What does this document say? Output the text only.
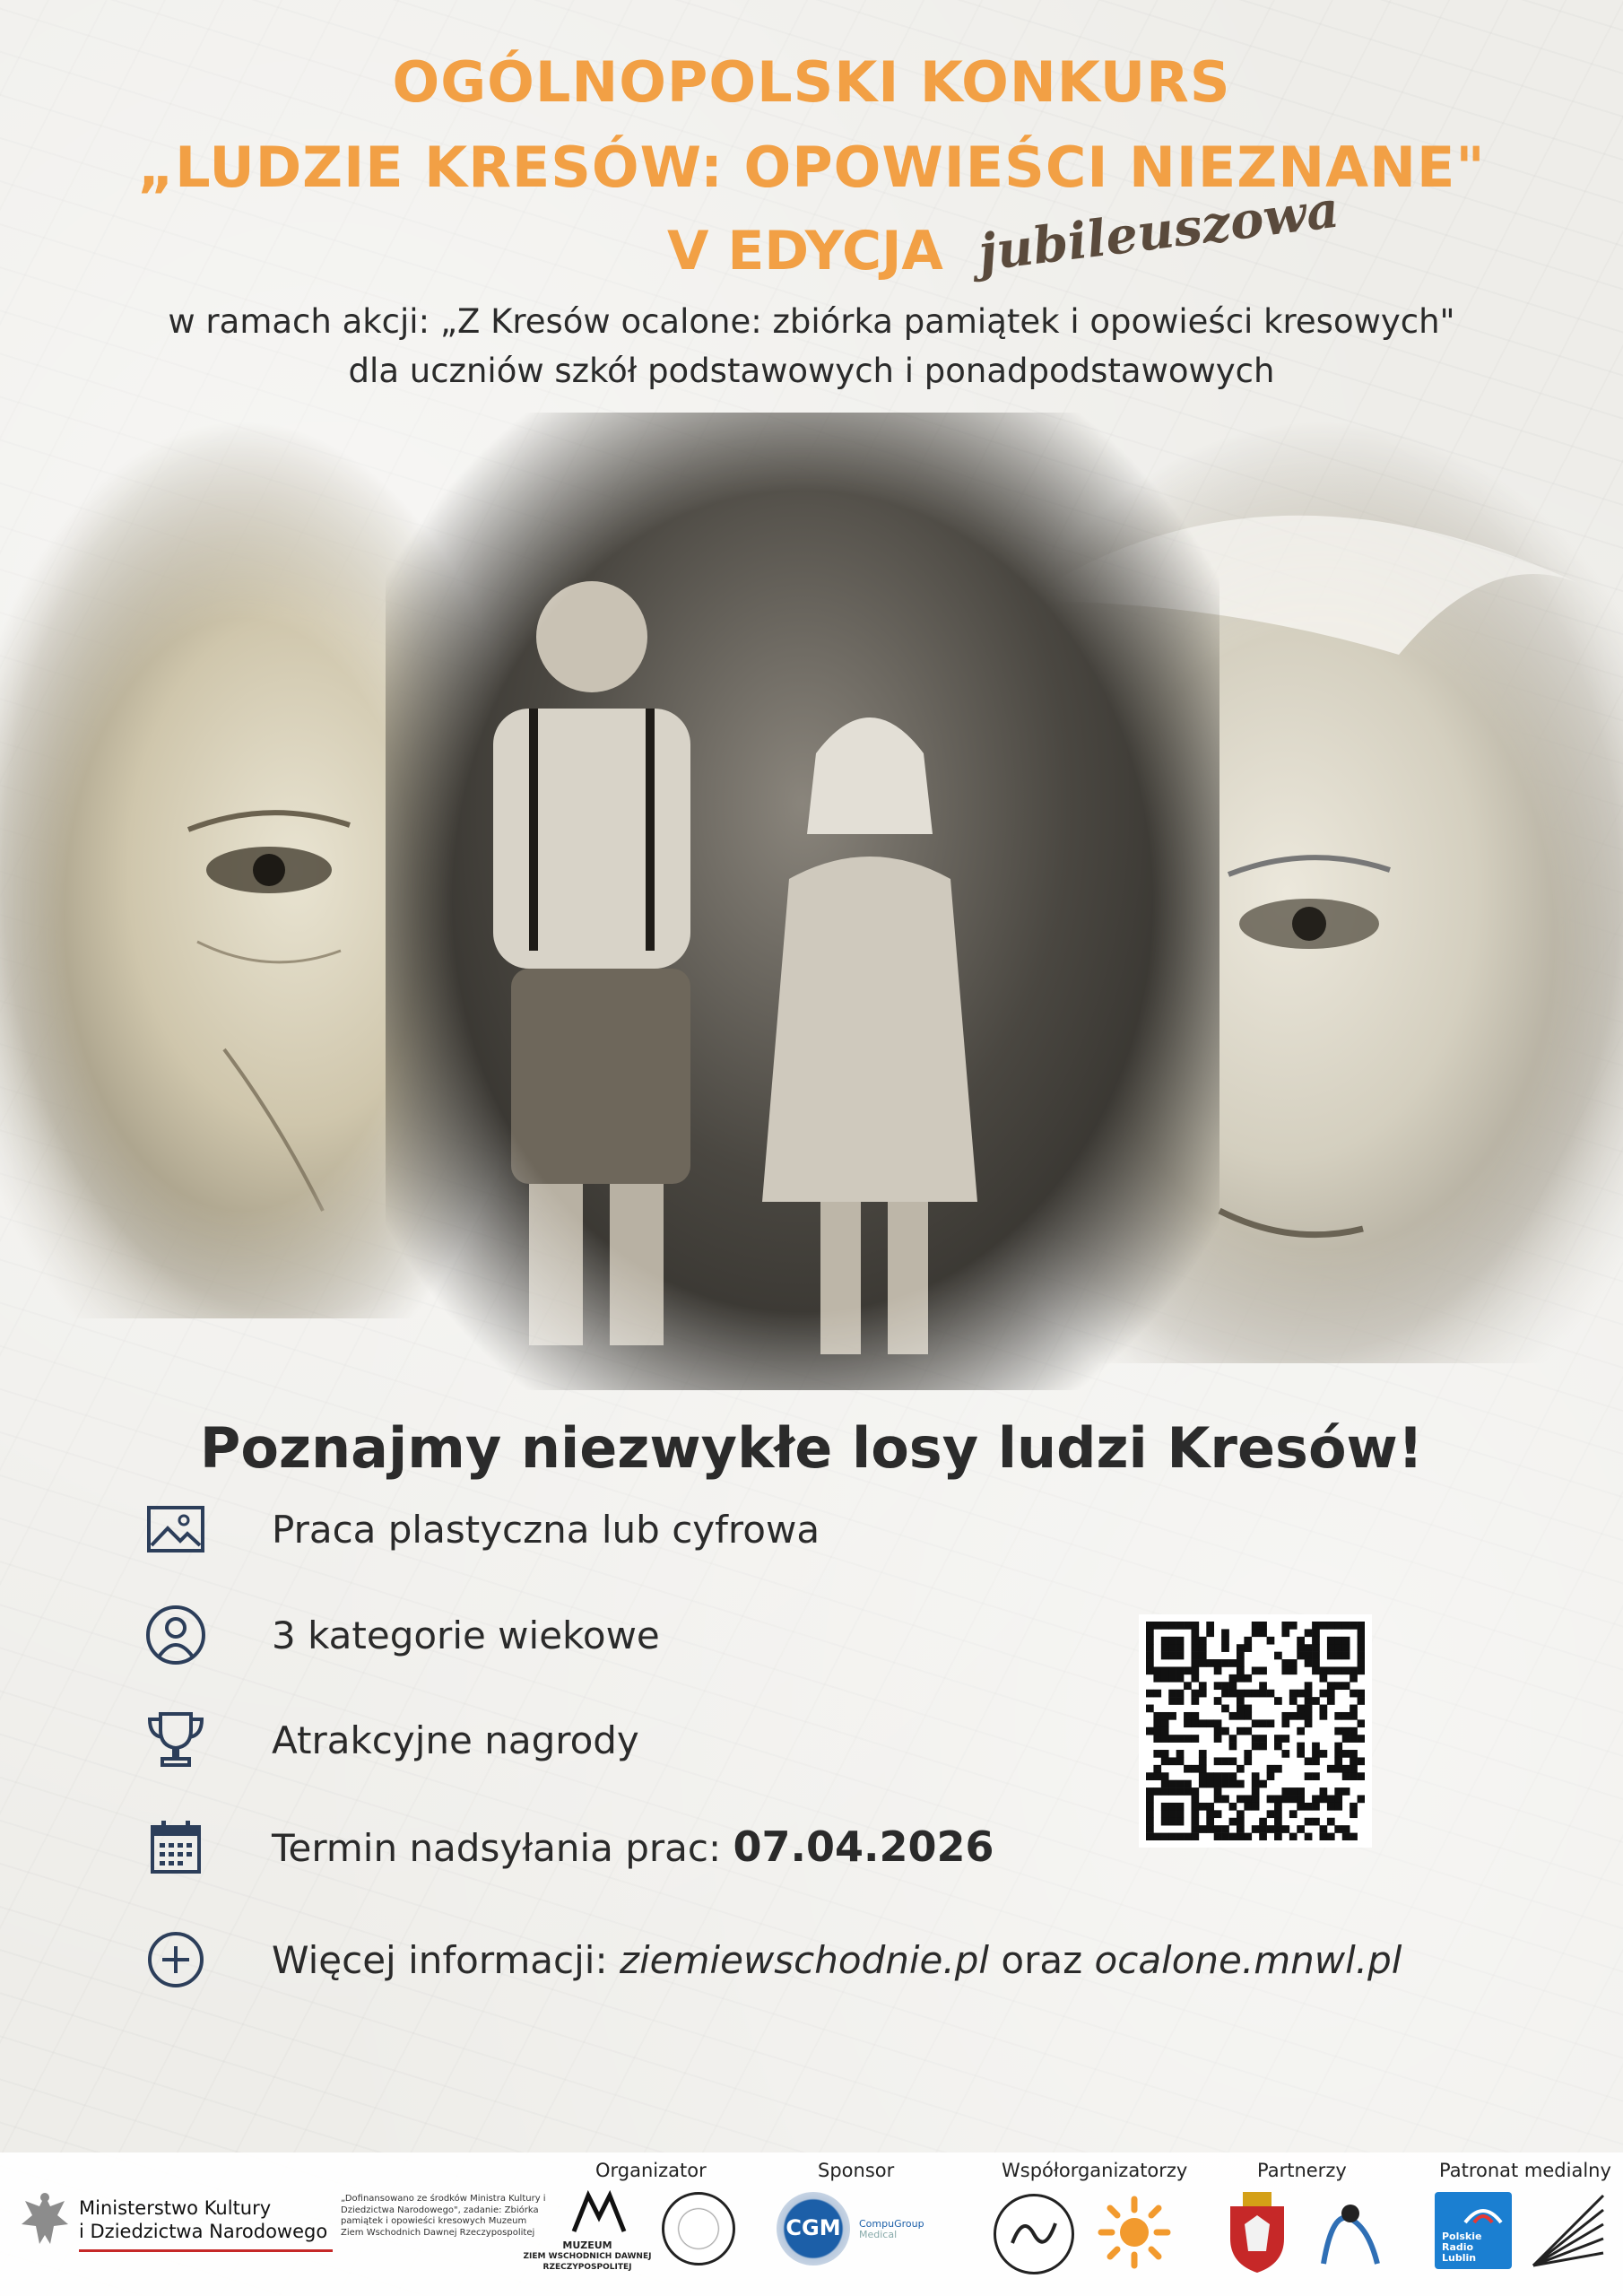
OGÓLNOPOLSKI KONKURS
„LUDZIE KRESÓW: OPOWIEŚCI NIEZNANE"
V EDYCJA jubileuszowa
w ramach akcji: „Z Kresów ocalone: zbiórka pamiątek i opowieści kresowych"
dla uczniów szkół podstawowych i ponadpodstawowych
Poznajmy niezwykłe losy ludzi Kresów!
Praca plastyczna lub cyfrowa
3 kategorie wiekowe
Atrakcyjne nagrody
Termin nadsyłania prac: 07.04.2026
Więcej informacji: ziemiewschodnie.pl oraz ocalone.mnwl.pl
Ministerstwo Kultury
i Dziedzictwa Narodowego
„Dofinansowano ze środków Ministra Kultury i Dziedzictwa Narodowego", zadanie: Zbiórka pamiątek i opowieści kresowych Muzeum Ziem Wschodnich Dawnej Rzeczypospolitej
Organizator	Sponsor	Współorganizatorzy	Partnerzy	Patronat medialny
MUZEUM
ZIEM WSCHODNICH DAWNEJ RZECZYPOSPOLITEJ
CGM	CompuGroup
Medical	Polskie
Radio
Lublin
